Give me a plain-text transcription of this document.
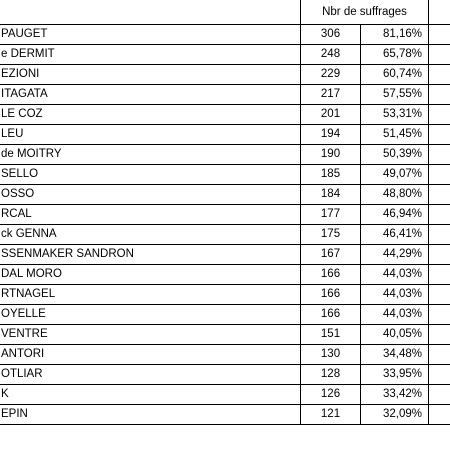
	Nbr de suffrages		
PAUGET	306	81,16%	
e DERMIT	248	65,78%	
EZIONI	229	60,74%	
ITAGATA	217	57,55%	
LE COZ	201	53,31%	
LEU	194	51,45%	
de MOITRY	190	50,39%	
SELLO	185	49,07%	
OSSO	184	48,80%	
RCAL	177	46,94%	
ck GENNA	175	46,41%	
SSENMAKER SANDRON	167	44,29%	
DAL MORO	166	44,03%	
RTNAGEL	166	44,03%	
OYELLE	166	44,03%	
VENTRE	151	40,05%	
ANTORI	130	34,48%	
OTLIAR	128	33,95%	
K	126	33,42%	
EPIN	121	32,09%	
